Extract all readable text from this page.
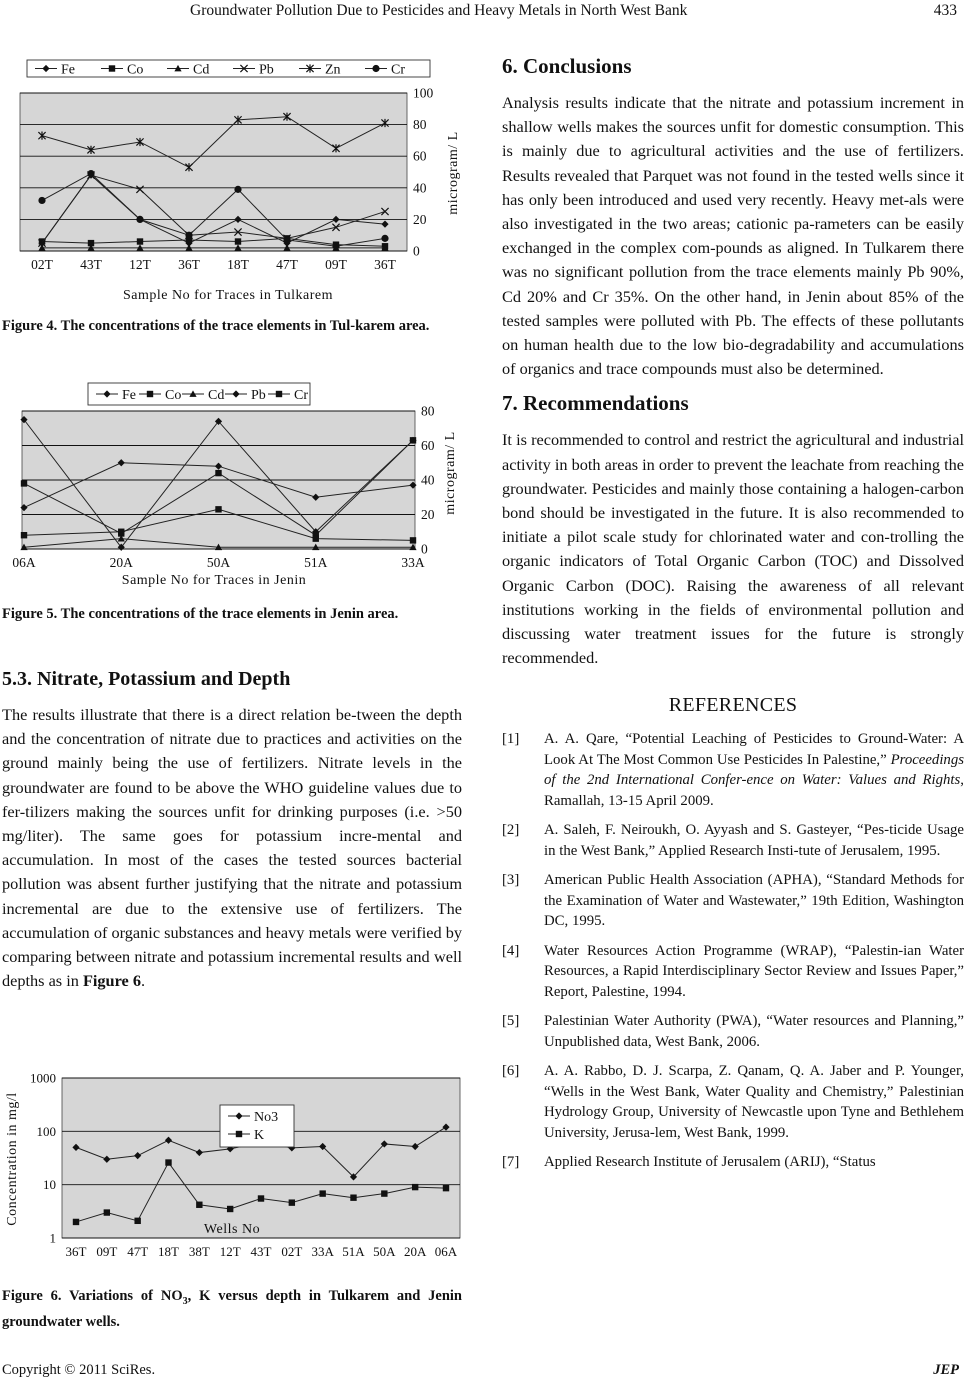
Groundwater Pollution Due to Pesticides and Heavy Metals in North West Bank	433
0
20
40
60
80
100
02T 43T 12T 36T 18T 47T 09T 36T
Sample No for Traces in Tulkarem
microgram/ L
Fe	Co	Cd	Pb	Zn	Cr
Figure 4. The concentrations of the trace elements in Tul-karem area.
0
20
40
60
80
06A	20A	50A	51A	33A
Sample No for Traces in Jenin
microgram/ L
Fe Co Cd Pb Cr
Figure 5. The concentrations of the trace elements in Jenin area.
5.3. Nitrate, Potassium and Depth

The results illustrate that there is a direct relation be-tween the depth and the concentration of nitrate due to practices and activities on the ground mainly being the use of fertilizers. Nitrate levels in the groundwater are found to be above the WHO guideline values due to fer-tilizers making the sources unfit for drinking purposes (i.e. >50 mg/liter). The same goes for potassium incre-mental and accumulation. In most of the cases the tested sources bacterial pollution was absent further justifying that the nitrate and potassium incremental are due to the extensive use of fertilizers. The accumulation of organic substances and heavy metals were verified by comparing between nitrate and potassium incremental results and well depths as in Figure 6.

1
10
100
1000
36T 09T 47T 18T 38T 12T 43T 02T 33A 51A 50A 20A 06A
Wells No
Concentration in mg/l	No3
K
Figure 6. Variations of $NO_3$, K versus depth in Tulkarem and Jenin groundwater wells.
6. Conclusions

Analysis results indicate that the nitrate and potassium increment in shallow wells makes the sources unfit for domestic consumption. This is mainly due to agricultural activities and the use of fertilizers. Results revealed that Parquet was not found in the tested wells since it has only been introduced and used very recently. Heavy met-als were also investigated in the two areas; cationic pa-rameters can be easily exchanged in the complex com-pounds as aligned. In Tulkarem there was no significant pollution from the trace elements mainly Pb 90%, Cd 20% and Cr 35%. On the other hand, in Jenin about 85% of the tested samples were polluted with Pb. The effects of these pollutants on human health due to the low bio-degradability and accumulations of organics and trace compounds must also be determined.

7. Recommendations

It is recommended to control and restrict the agricultural and industrial activity in both areas in order to prevent the leachate from reaching the groundwater. Pesticides and mainly those containing a halogen-carbon bond should be investigated in the future. It is also recommended to initiate a pilot scale study for chlorinated water and con-trolling the organic indicators of Total Organic Carbon (TOC) and Dissolved Organic Carbon (DOC). Raising the awareness of all relevant institutions working in the fields of environmental pollution and discussing water treatment issues for the future is strongly recommended.

REFERENCES
[1] A. A. Qare, “Potential Leaching of Pesticides to Ground-Water: A Look At The Most Common Use Pesticides In Palestine,” Proceedings of the 2nd International Confer-ence on Water: Values and Rights, Ramallah, 13-15 April 2009.
[2] A. Saleh, F. Neiroukh, O. Ayyash and S. Gasteyer, “Pes-ticide Usage in the West Bank,” Applied Research Insti-tute of Jerusalem, 1995.
[3] American Public Health Association (APHA), “Standard Methods for the Examination of Water and Wastewater,” 19th Edition, Washington DC, 1995.
[4] Water Resources Action Programme (WRAP), “Palestin-ian Water Resources, a Rapid Interdisciplinary Sector Review and Issues Paper,” Report, Palestine, 1994.
[5] Palestinian Water Authority (PWA), “Water resources and Planning,” Unpublished data, West Bank, 2006.
[6] A. A. Rabbo, D. J. Scarpa, Z. Qanam, Q. A. Jaber and P. Younger, “Wells in the West Bank, Water Quality and Chemistry,” Palestinian Hydrology Group, University of Newcastle upon Tyne and Bethlehem University, Jerusa-lem, West Bank, 1999.
[7] Applied Research Institute of Jerusalem (ARIJ), “Status
Copyright © 2011 SciRes.	JEP
